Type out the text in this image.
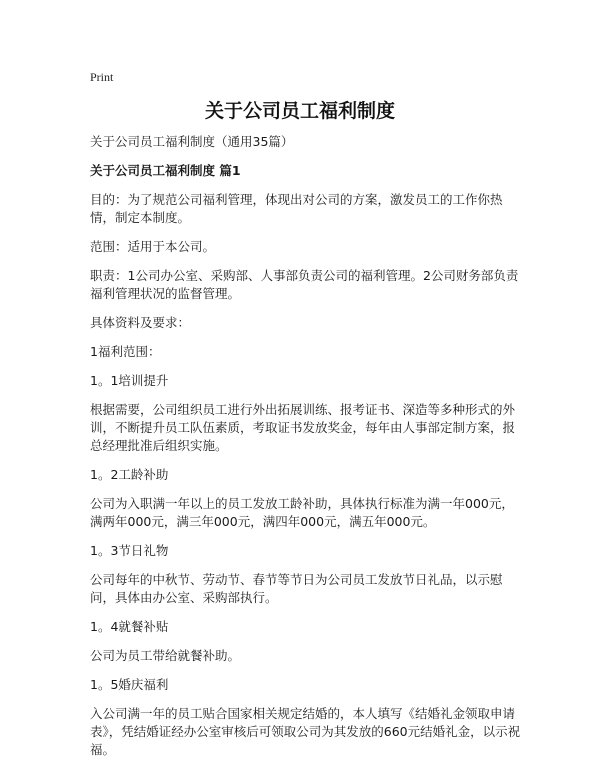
Print
关于公司员工福利制度

关于公司员工福利制度（通用35篇）

关于公司员工福利制度 篇1

目的：为了规范公司福利管理，体现出对公司的方案，激发员工的工作你热情，制定本制度。

范围：适用于本公司。

职责：1公司办公室、采购部、人事部负责公司的福利管理。2公司财务部负责福利管理状况的监督管理。

具体资料及要求：

1福利范围：

1。1培训提升

根据需要，公司组织员工进行外出拓展训练、报考证书、深造等多种形式的外训，不断提升员工队伍素质，考取证书发放奖金，每年由人事部定制方案，报总经理批准后组织实施。

1。2工龄补助

公司为入职满一年以上的员工发放工龄补助，具体执行标准为满一年000元，满两年000元，满三年000元，满四年000元，满五年000元。

1。3节日礼物

公司每年的中秋节、劳动节、春节等节日为公司员工发放节日礼品，以示慰问，具体由办公室、采购部执行。

1。4就餐补贴

公司为员工带给就餐补助。

1。5婚庆福利

入公司满一年的员工贴合国家相关规定结婚的，本人填写《结婚礼金领取申请表》，凭结婚证经办公室审核后可领取公司为其发放的660元结婚礼金，以示祝福。
